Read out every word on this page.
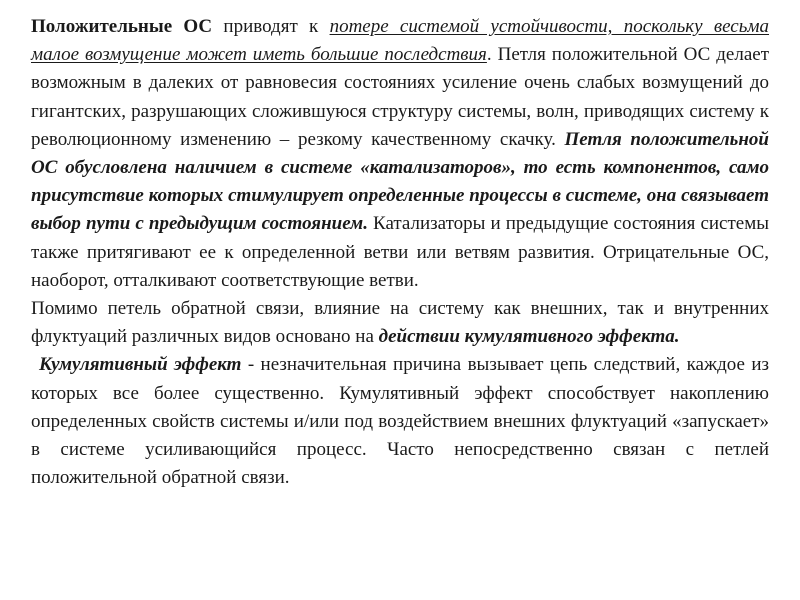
Положительные ОС приводят к потере системой устойчивости, поскольку весьма малое возмущение может иметь большие последствия. Петля положительной ОС делает возможным в далеких от равновесия состояниях усиление очень слабых возмущений до гигантских, разрушающих сложившуюся структуру системы, волн, приводящих систему к революционному изменению – резкому качественному скачку. Петля положительной ОС обусловлена наличием в системе «катализаторов», то есть компонентов, само присутствие которых стимулирует определенные процессы в системе, она связывает выбор пути с предыдущим состоянием. Катализаторы и предыдущие состояния системы также притягивают ее к определенной ветви или ветвям развития. Отрицательные ОС, наоборот, отталкивают соответствующие ветви.

Помимо петель обратной связи, влияние на систему как внешних, так и внутренних флуктуаций различных видов основано на действии кумулятивного эффекта.

Кумулятивный эффект - незначительная причина вызывает цепь следствий, каждое из которых все более существенно. Кумулятивный эффект способствует накоплению определенных свойств системы и/или под воздействием внешних флуктуаций «запускает» в системе усиливающийся процесс. Часто непосредственно связан с петлей положительной обратной связи.
